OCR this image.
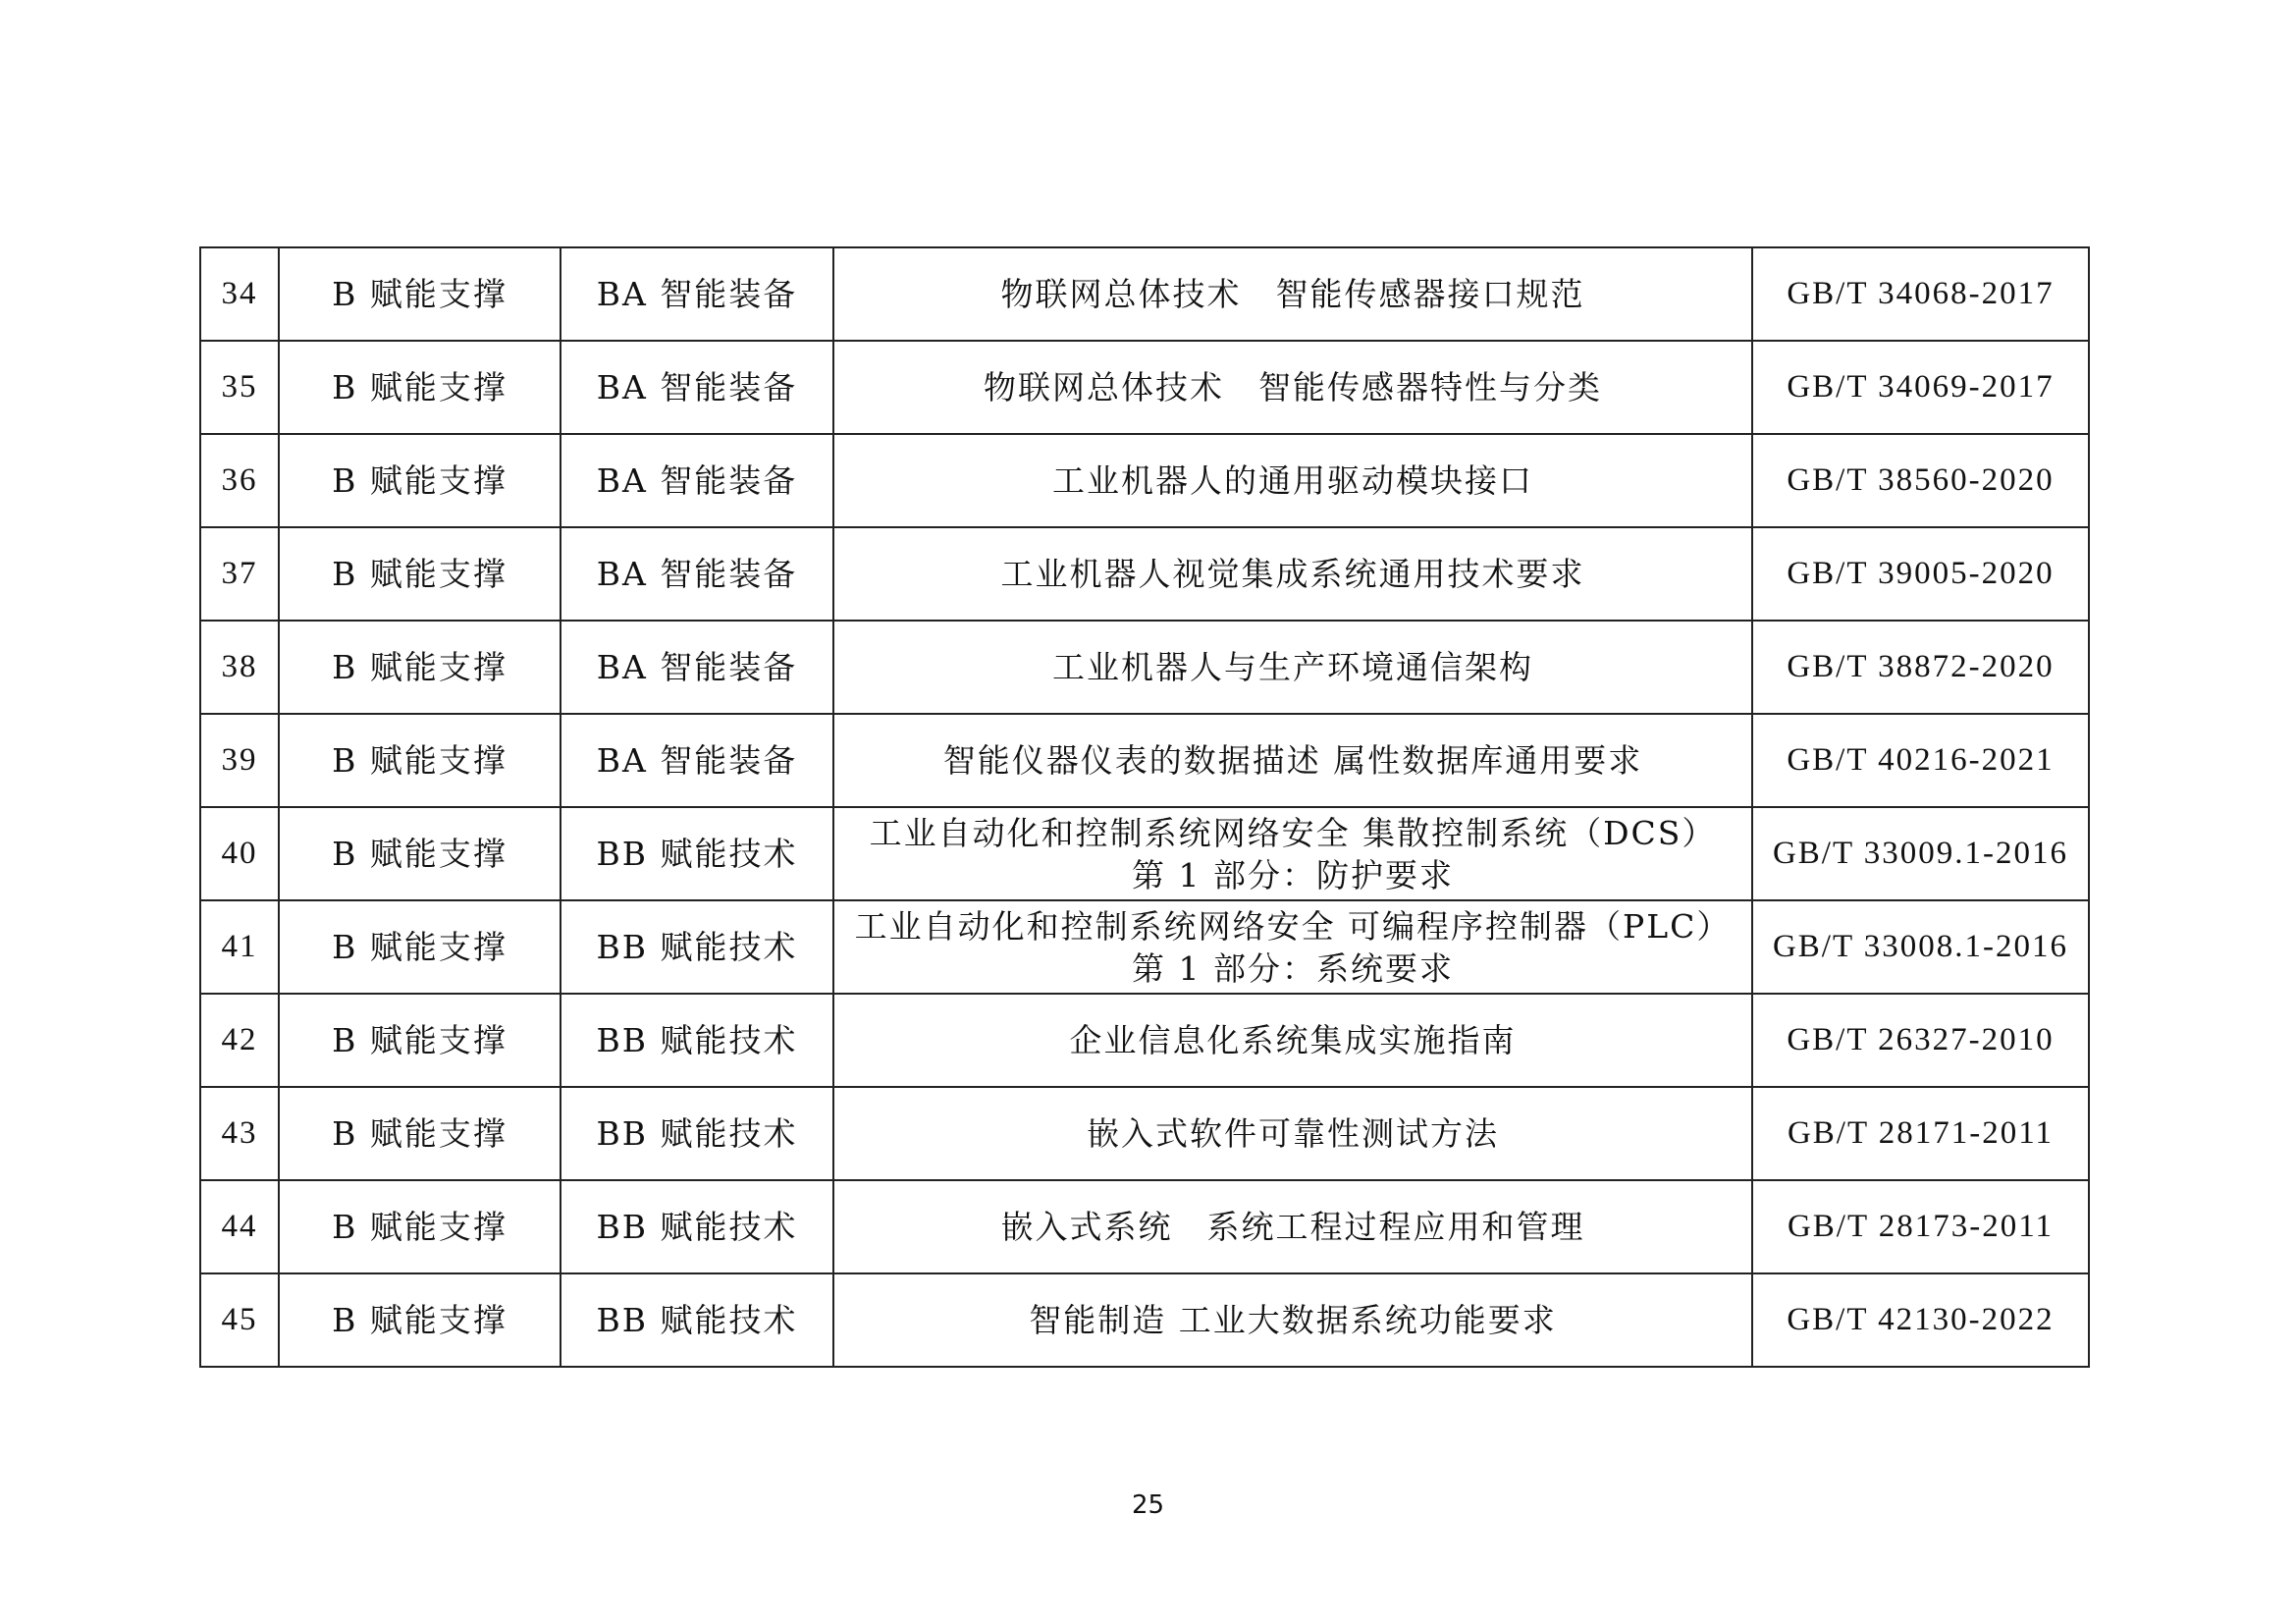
34	B 赋能支撑	BA 智能装备	物联网总体技术　智能传感器接口规范	GB/T 34068-2017
35	B 赋能支撑	BA 智能装备	物联网总体技术　智能传感器特性与分类	GB/T 34069-2017
36	B 赋能支撑	BA 智能装备	工业机器人的通用驱动模块接口	GB/T 38560-2020
37	B 赋能支撑	BA 智能装备	工业机器人视觉集成系统通用技术要求	GB/T 39005-2020
38	B 赋能支撑	BA 智能装备	工业机器人与生产环境通信架构	GB/T 38872-2020
39	B 赋能支撑	BA 智能装备	智能仪器仪表的数据描述 属性数据库通用要求	GB/T 40216-2021
40	B 赋能支撑	BB 赋能技术	工业自动化和控制系统网络安全 集散控制系统（DCS）
第 1 部分：防护要求	GB/T 33009.1-2016
41	B 赋能支撑	BB 赋能技术	工业自动化和控制系统网络安全 可编程序控制器（PLC）
第 1 部分：系统要求	GB/T 33008.1-2016
42	B 赋能支撑	BB 赋能技术	企业信息化系统集成实施指南	GB/T 26327-2010
43	B 赋能支撑	BB 赋能技术	嵌入式软件可靠性测试方法	GB/T 28171-2011
44	B 赋能支撑	BB 赋能技术	嵌入式系统　系统工程过程应用和管理	GB/T 28173-2011
45	B 赋能支撑	BB 赋能技术	智能制造 工业大数据系统功能要求	GB/T 42130-2022
25
